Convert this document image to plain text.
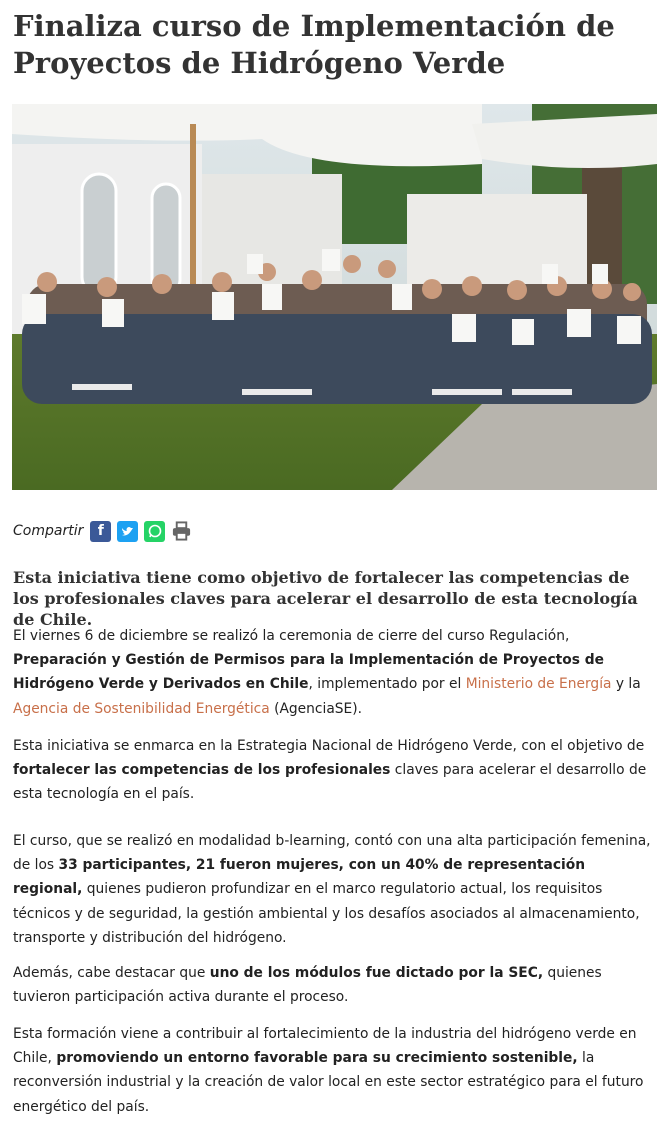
Finaliza curso de Implementación de Proyectos de Hidrógeno Verde
Compartir	f

Esta iniciativa tiene como objetivo de fortalecer las competencias de los profesionales claves para acelerar el desarrollo de esta tecnología de Chile.

El viernes 6 de diciembre se realizó la ceremonia de cierre del curso Regulación, Preparación y Gestión de Permisos para la Implementación de Proyectos de Hidrógeno Verde y Derivados en Chile, implementado por el Ministerio de Energía y la Agencia de Sostenibilidad Energética (AgenciaSE).

Esta iniciativa se enmarca en la Estrategia Nacional de Hidrógeno Verde, con el objetivo de fortalecer las competencias de los profesionales claves para acelerar el desarrollo de esta tecnología en el país.

El curso, que se realizó en modalidad b-learning, contó con una alta participación femenina, de los 33 participantes, 21 fueron mujeres, con un 40% de representación regional, quienes pudieron profundizar en el marco regulatorio actual, los requisitos técnicos y de seguridad, la gestión ambiental y los desafíos asociados al almacenamiento, transporte y distribución del hidrógeno.

Además, cabe destacar que uno de los módulos fue dictado por la SEC, quienes tuvieron participación activa durante el proceso.

Esta formación viene a contribuir al fortalecimiento de la industria del hidrógeno verde en Chile, promoviendo un entorno favorable para su crecimiento sostenible, la reconversión industrial y la creación de valor local en este sector estratégico para el futuro energético del país.
